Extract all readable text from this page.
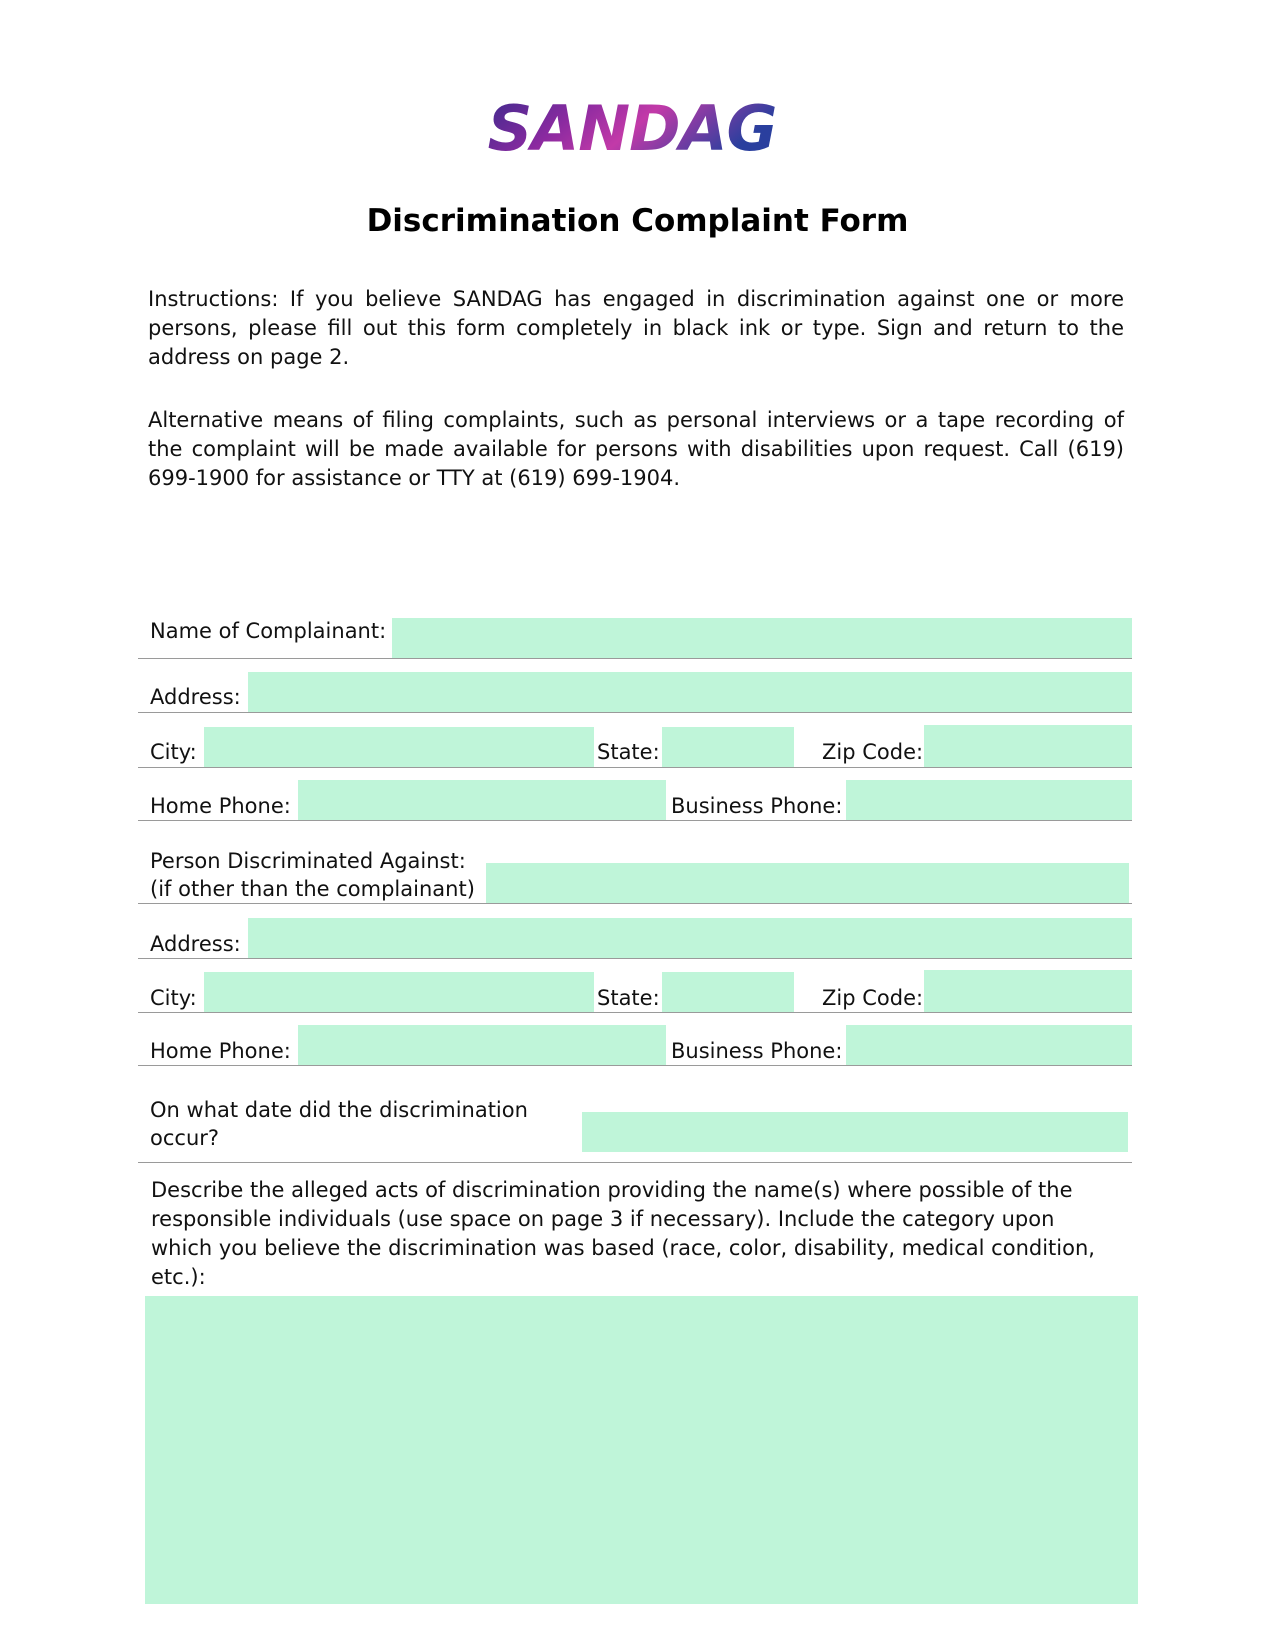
SANDAG
Discrimination Complaint Form

Instructions: If you believe SANDAG has engaged in discrimination against one or more persons, please fill out this form completely in black ink or type. Sign and return to the address on page 2.

Alternative means of filing complaints, such as personal interviews or a tape recording of the complaint will be made available for persons with disabilities upon request. Call (619) 699-1900 for assistance or TTY at (619) 699-1904.

Name of Complainant:
Address:
City:	State:	Zip Code:
Home Phone:	Business Phone:
Person Discriminated Against:
(if other than the complainant)
Address:
City:	State:	Zip Code:
Home Phone:	Business Phone:
On what date did the discrimination
occur?
Describe the alleged acts of discrimination providing the name(s) where possible of the responsible individuals (use space on page 3 if necessary). Include the category upon which you believe the discrimination was based (race, color, disability, medical condition, etc.):
